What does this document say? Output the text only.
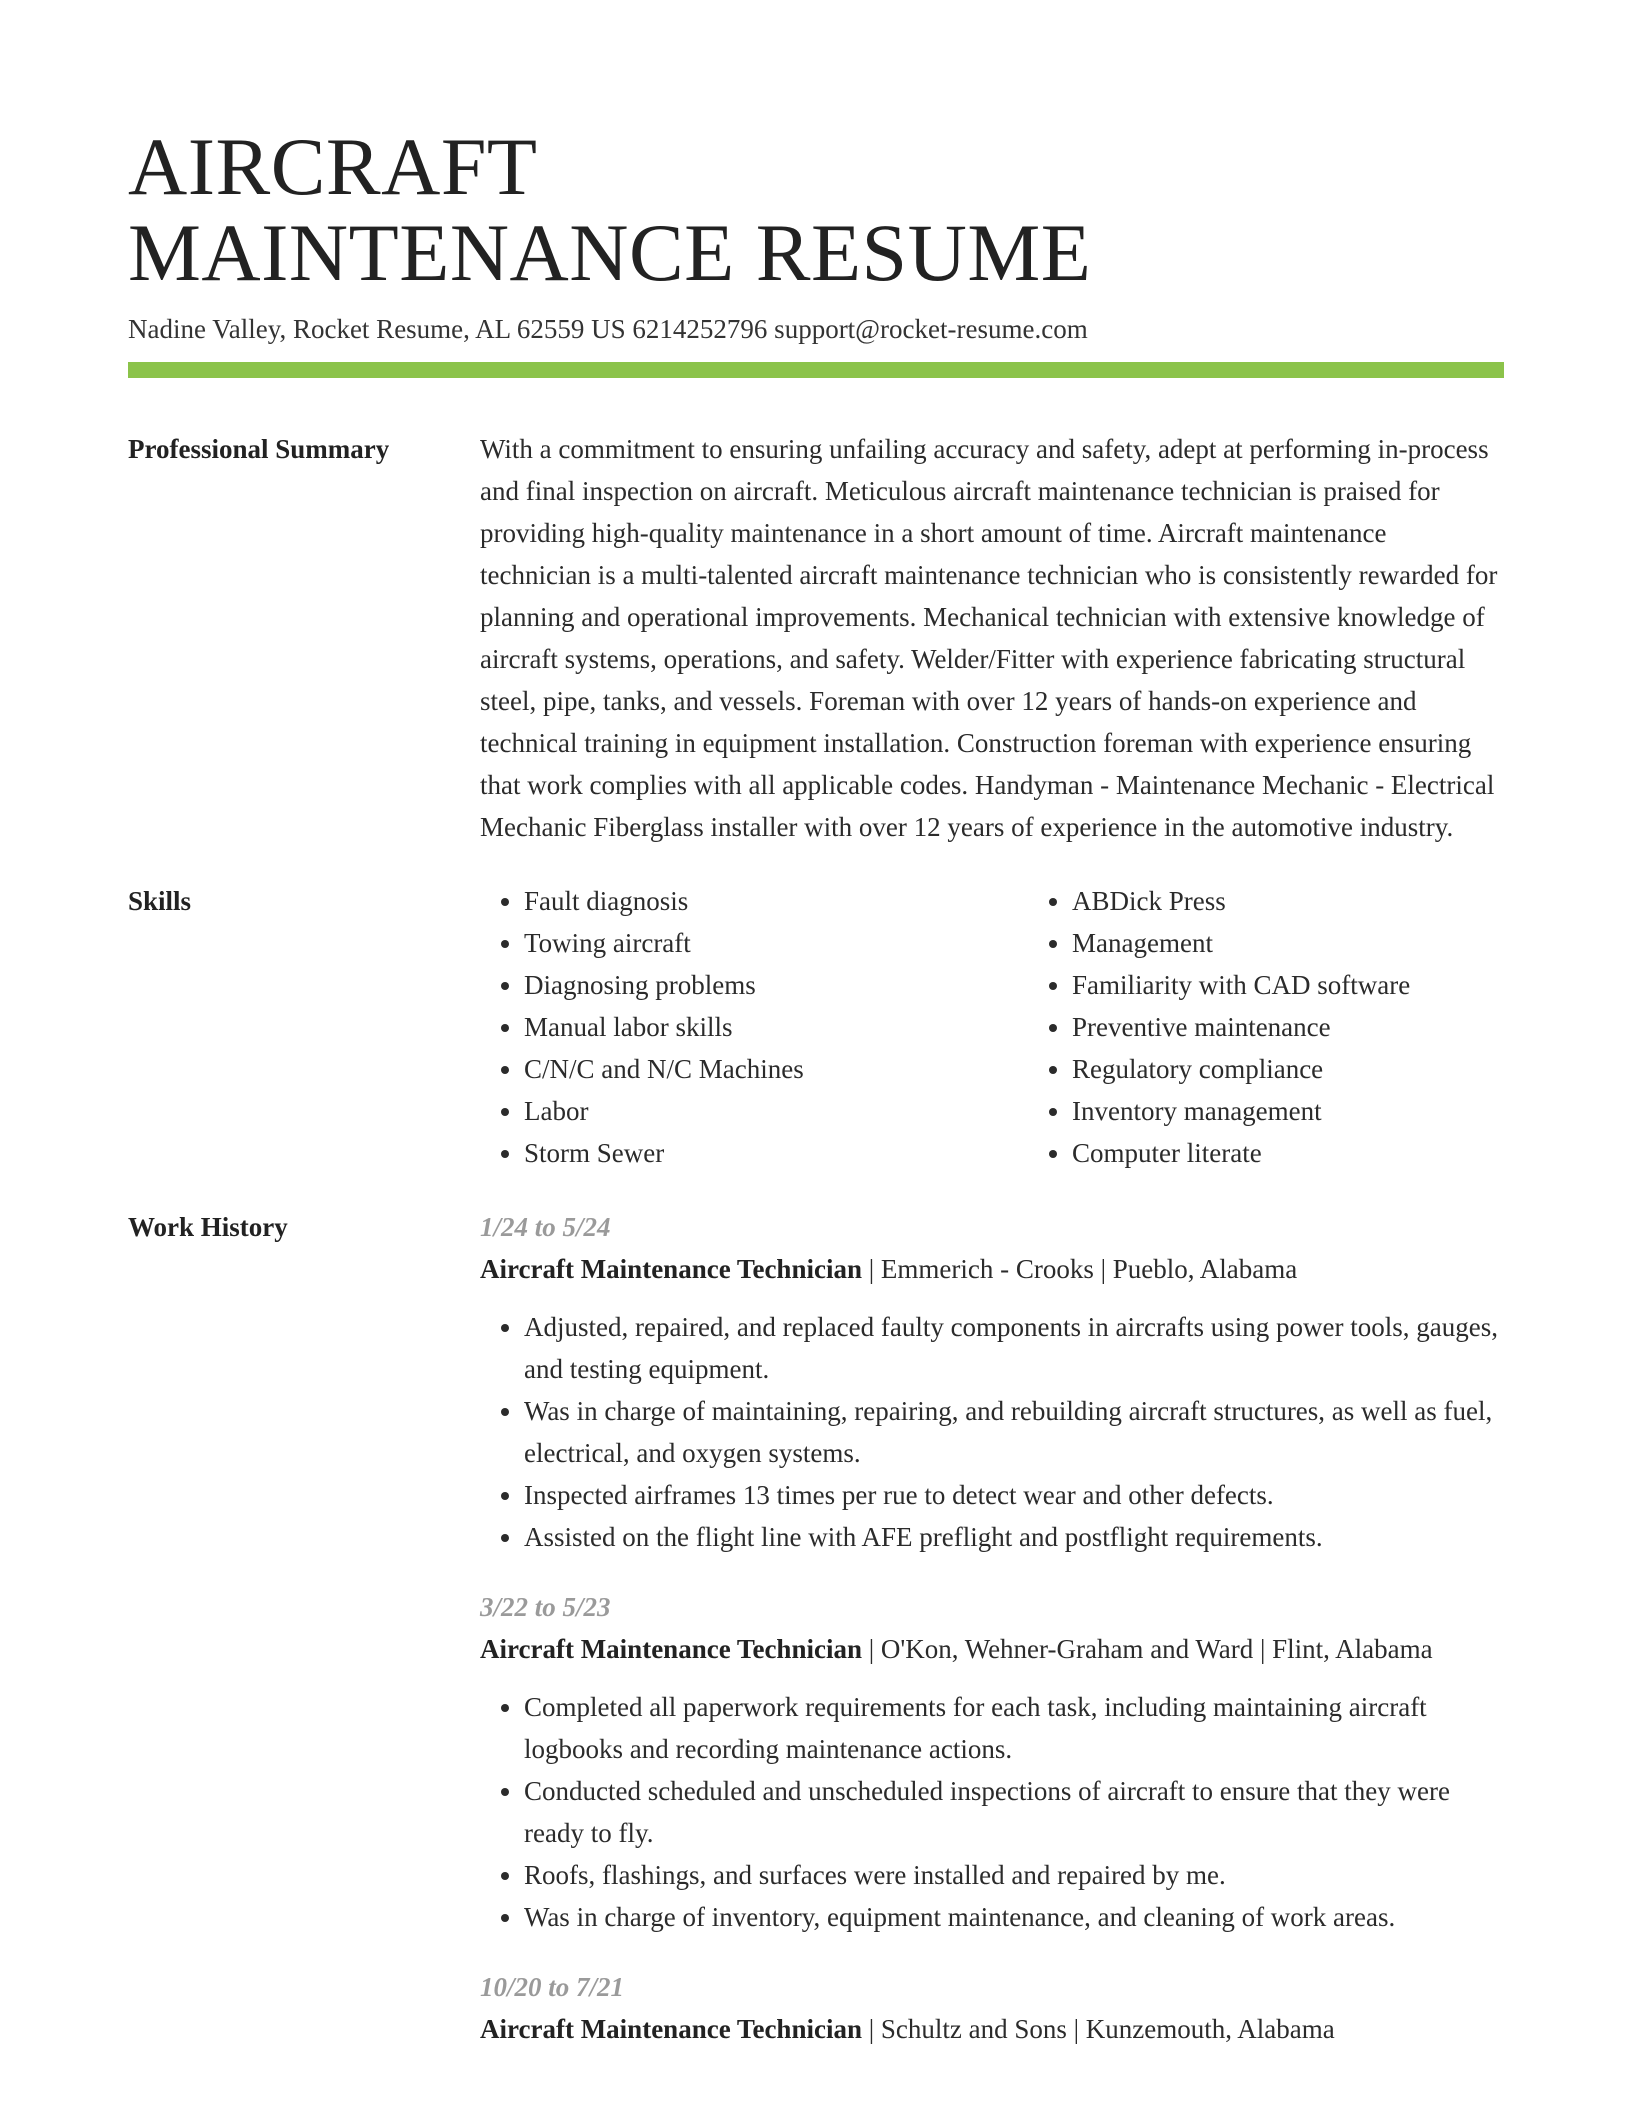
AIRCRAFT
MAINTENANCE RESUME
Nadine Valley, Rocket Resume, AL 62559 US 6214252796 support@rocket-resume.com
Professional Summary	With a commitment to ensuring unfailing accuracy and safety, adept at performing in-process and final inspection on aircraft. Meticulous aircraft maintenance technician is praised for providing high-quality maintenance in a short amount of time. Aircraft maintenance technician is a multi-talented aircraft maintenance technician who is consistently rewarded for planning and operational improvements. Mechanical technician with extensive knowledge of aircraft systems, operations, and safety. Welder/Fitter with experience fabricating structural steel, pipe, tanks, and vessels. Foreman with over 12 years of hands-on experience and technical training in equipment installation. Construction foreman with experience ensuring that work complies with all applicable codes. Handyman - Maintenance Mechanic - Electrical Mechanic Fiberglass installer with over 12 years of experience in the automotive industry.
Skills
•	Fault diagnosis
• Towing aircraft
• Diagnosing problems
• Manual labor skills
• C/N/C and N/C Machines
• Labor
• Storm Sewer
• ABDick Press
• Management
• Familiarity with CAD software
• Preventive maintenance
• Regulatory compliance
• Inventory management
• Computer literate
Work History	1/24 to 5/24
Aircraft Maintenance Technician | Emmerich - Crooks | Pueblo, Alabama
• Adjusted, repaired, and replaced faulty components in aircrafts using power tools, gauges, and testing equipment.
• Was in charge of maintaining, repairing, and rebuilding aircraft structures, as well as fuel, electrical, and oxygen systems.
• Inspected airframes 13 times per rue to detect wear and other defects.
• Assisted on the flight line with AFE preflight and postflight requirements.
3/22 to 5/23
Aircraft Maintenance Technician | O'Kon, Wehner-Graham and Ward | Flint, Alabama
• Completed all paperwork requirements for each task, including maintaining aircraft logbooks and recording maintenance actions.
• Conducted scheduled and unscheduled inspections of aircraft to ensure that they were ready to fly.
• Roofs, flashings, and surfaces were installed and repaired by me.
• Was in charge of inventory, equipment maintenance, and cleaning of work areas.
10/20 to 7/21
Aircraft Maintenance Technician | Schultz and Sons | Kunzemouth, Alabama
